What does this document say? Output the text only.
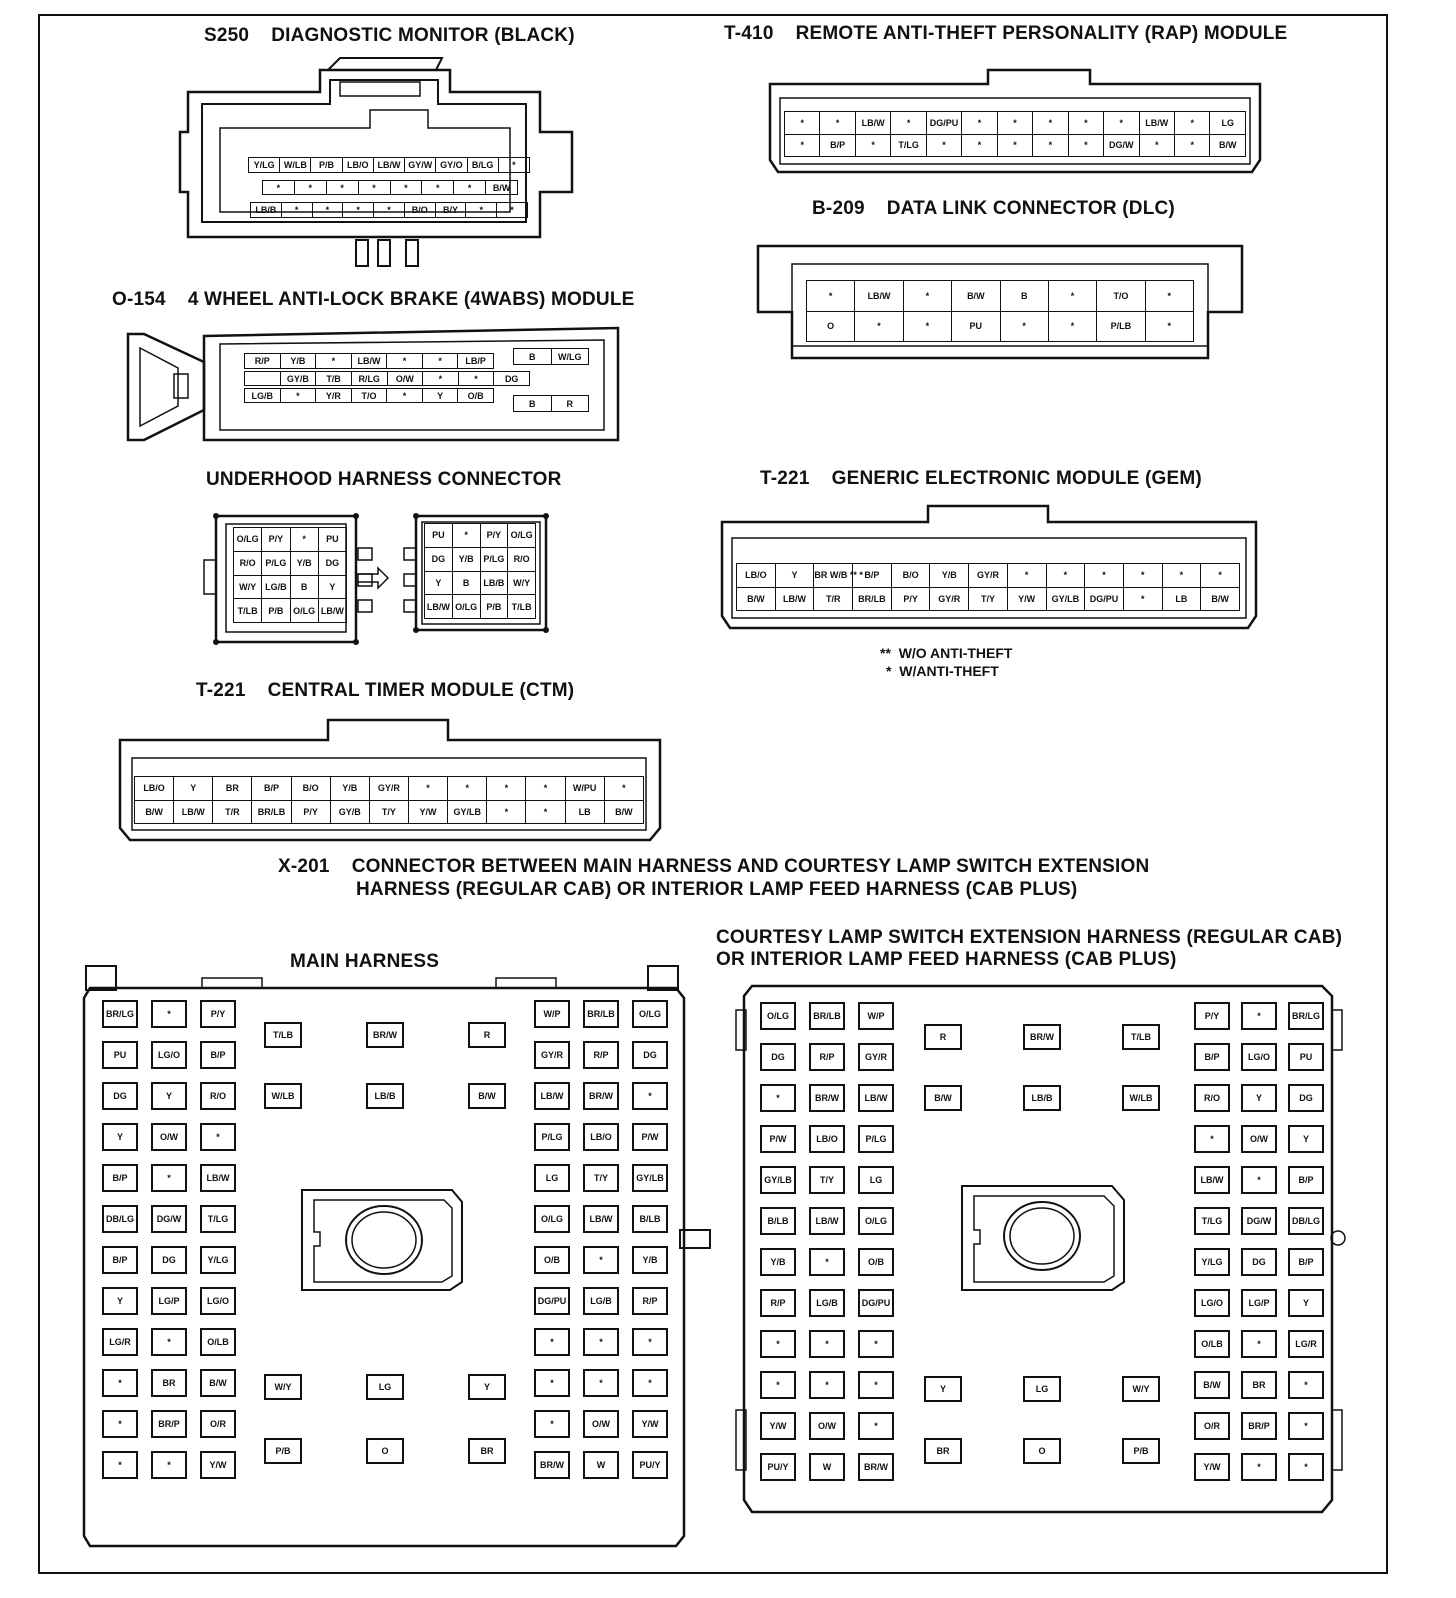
S250 DIAGNOSTIC MONITOR (BLACK)
Y/LG	W/LB	P/B	LB/O	LB/W	GY/W	GY/O	B/LG	*
*	*	*	*	*	*	*	B/W
LB/B	*	*	*	*	B/O	B/Y	*	*
T-410 REMOTE ANTI-THEFT PERSONALITY (RAP) MODULE
*	*	LB/W	*	DG/PU	*	*	*	*	*	LB/W	*	LG
*	B/P	*	T/LG	*	*	*	*	*	DG/W	*	*	B/W
B-209 DATA LINK CONNECTOR (DLC)
*	LB/W	*	B/W	B	*	T/O	*
O	*	*	PU	*	*	P/LB	*
O-154 4 WHEEL ANTI-LOCK BRAKE (4WABS) MODULE
R/P	Y/B	*	LB/W	*	*	LB/P
	GY/B	T/B	R/LG	O/W	*	*	DG
LG/B	*	Y/R	T/O	*	Y	O/B
B	W/LG
B	R
UNDERHOOD HARNESS CONNECTOR
O/LG	P/Y	*	PU
R/O	P/LG	Y/B	DG
W/Y	LG/B	B	Y
T/LB	P/B	O/LG	LB/W
PU	*	P/Y	O/LG
DG	Y/B	P/LG	R/O
Y	B	LB/B	W/Y
LB/W	O/LG	P/B	T/LB
T-221 GENERIC ELECTRONIC MODULE (GEM)
LB/O	Y	BR W/B ** *	B/P	B/O	Y/B	GY/R	*	*	*	*	*	*
B/W	LB/W	T/R	BR/LB	P/Y	GY/R	T/Y	Y/W	GY/LB	DG/PU	*	LB	B/W
** W/O ANTI-THEFT
* W/ANTI-THEFT
T-221 CENTRAL TIMER MODULE (CTM)
LB/O	Y	BR	B/P	B/O	Y/B	GY/R	*	*	*	*	W/PU	*
B/W	LB/W	T/R	BR/LB	P/Y	GY/B	T/Y	Y/W	GY/LB	*	*	LB	B/W
X-201 CONNECTOR BETWEEN MAIN HARNESS AND COURTESY LAMP SWITCH EXTENSION
HARNESS (REGULAR CAB) OR INTERIOR LAMP FEED HARNESS (CAB PLUS)
MAIN HARNESS
COURTESY LAMP SWITCH EXTENSION HARNESS (REGULAR CAB)
OR INTERIOR LAMP FEED HARNESS (CAB PLUS)
BR/LG	*	P/Y
PU	LG/O	B/P
DG	Y	R/O
Y	O/W	*
B/P	*	LB/W
DB/LG	DG/W	T/LG
B/P	DG	Y/LG
Y	LG/P	LG/O
LG/R	*	O/LB
*	BR	B/W
*	BR/P	O/R
*	*	Y/W
W/P	BR/LB	O/LG
GY/R	R/P	DG
LB/W	BR/W	*
P/LG	LB/O	P/W
LG	T/Y	GY/LB
O/LG	LB/W	B/LB
O/B	*	Y/B
DG/PU	LG/B	R/P
*	*	*
*	*	*
*	O/W	Y/W
BR/W	W	PU/Y
T/LB	BR/W	R
W/LB	LB/B	B/W
W/Y	LG	Y
P/B	O	BR
O/LG	BR/LB	W/P
DG	R/P	GY/R
*	BR/W	LB/W
P/W	LB/O	P/LG
GY/LB	T/Y	LG
B/LB	LB/W	O/LG
Y/B	*	O/B
R/P	LG/B	DG/PU
*	*	*
*	*	*
Y/W	O/W	*
PU/Y	W	BR/W
P/Y	*	BR/LG
B/P	LG/O	PU
R/O	Y	DG
*	O/W	Y
LB/W	*	B/P
T/LG	DG/W	DB/LG
Y/LG	DG	B/P
LG/O	LG/P	Y
O/LB	*	LG/R
B/W	BR	*
O/R	BR/P	*
Y/W	*	*
R	BR/W	T/LB
B/W	LB/B	W/LB
Y	LG	W/Y
BR	O	P/B
